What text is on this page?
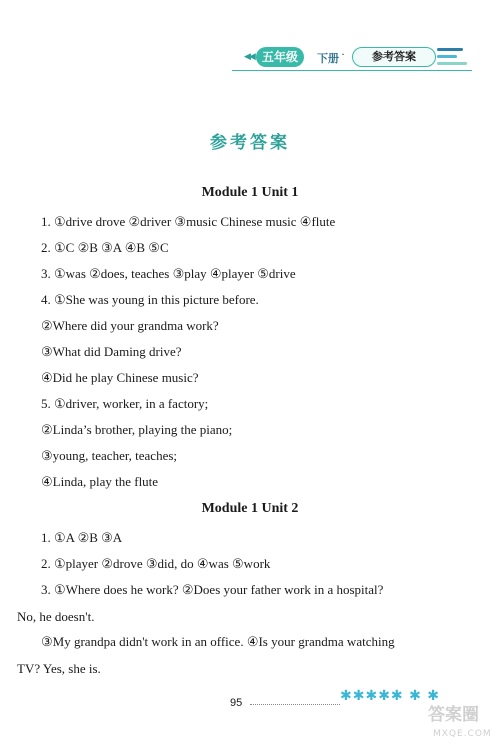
◀◀ 五年级	下册 ·	参考答案
参考答案
Module 1 Unit 1
1. ①drive drove ②driver ③music Chinese music ④flute
2. ①C ②B ③A ④B ⑤C
3. ①was ②does, teaches ③play ④player ⑤drive
4. ①She was young in this picture before.
②Where did your grandma work?
③What did Daming drive?
④Did he play Chinese music?
5. ①driver, worker, in a factory;
②Linda’s brother, playing the piano;
③young, teacher, teaches;
④Linda, play the flute
Module 1 Unit 2
1. ①A ②B ③A
2. ①player ②drove ③did, do ④was ⑤work
3. ①Where does he work? ②Does your father work in a hospital?
No, he doesn't.
③My grandpa didn't work in an office. ④Is your grandma watching
TV? Yes, she is.
95	✱✱✱✱✱ ✱ ✱
答案圈
MXQE.COM
